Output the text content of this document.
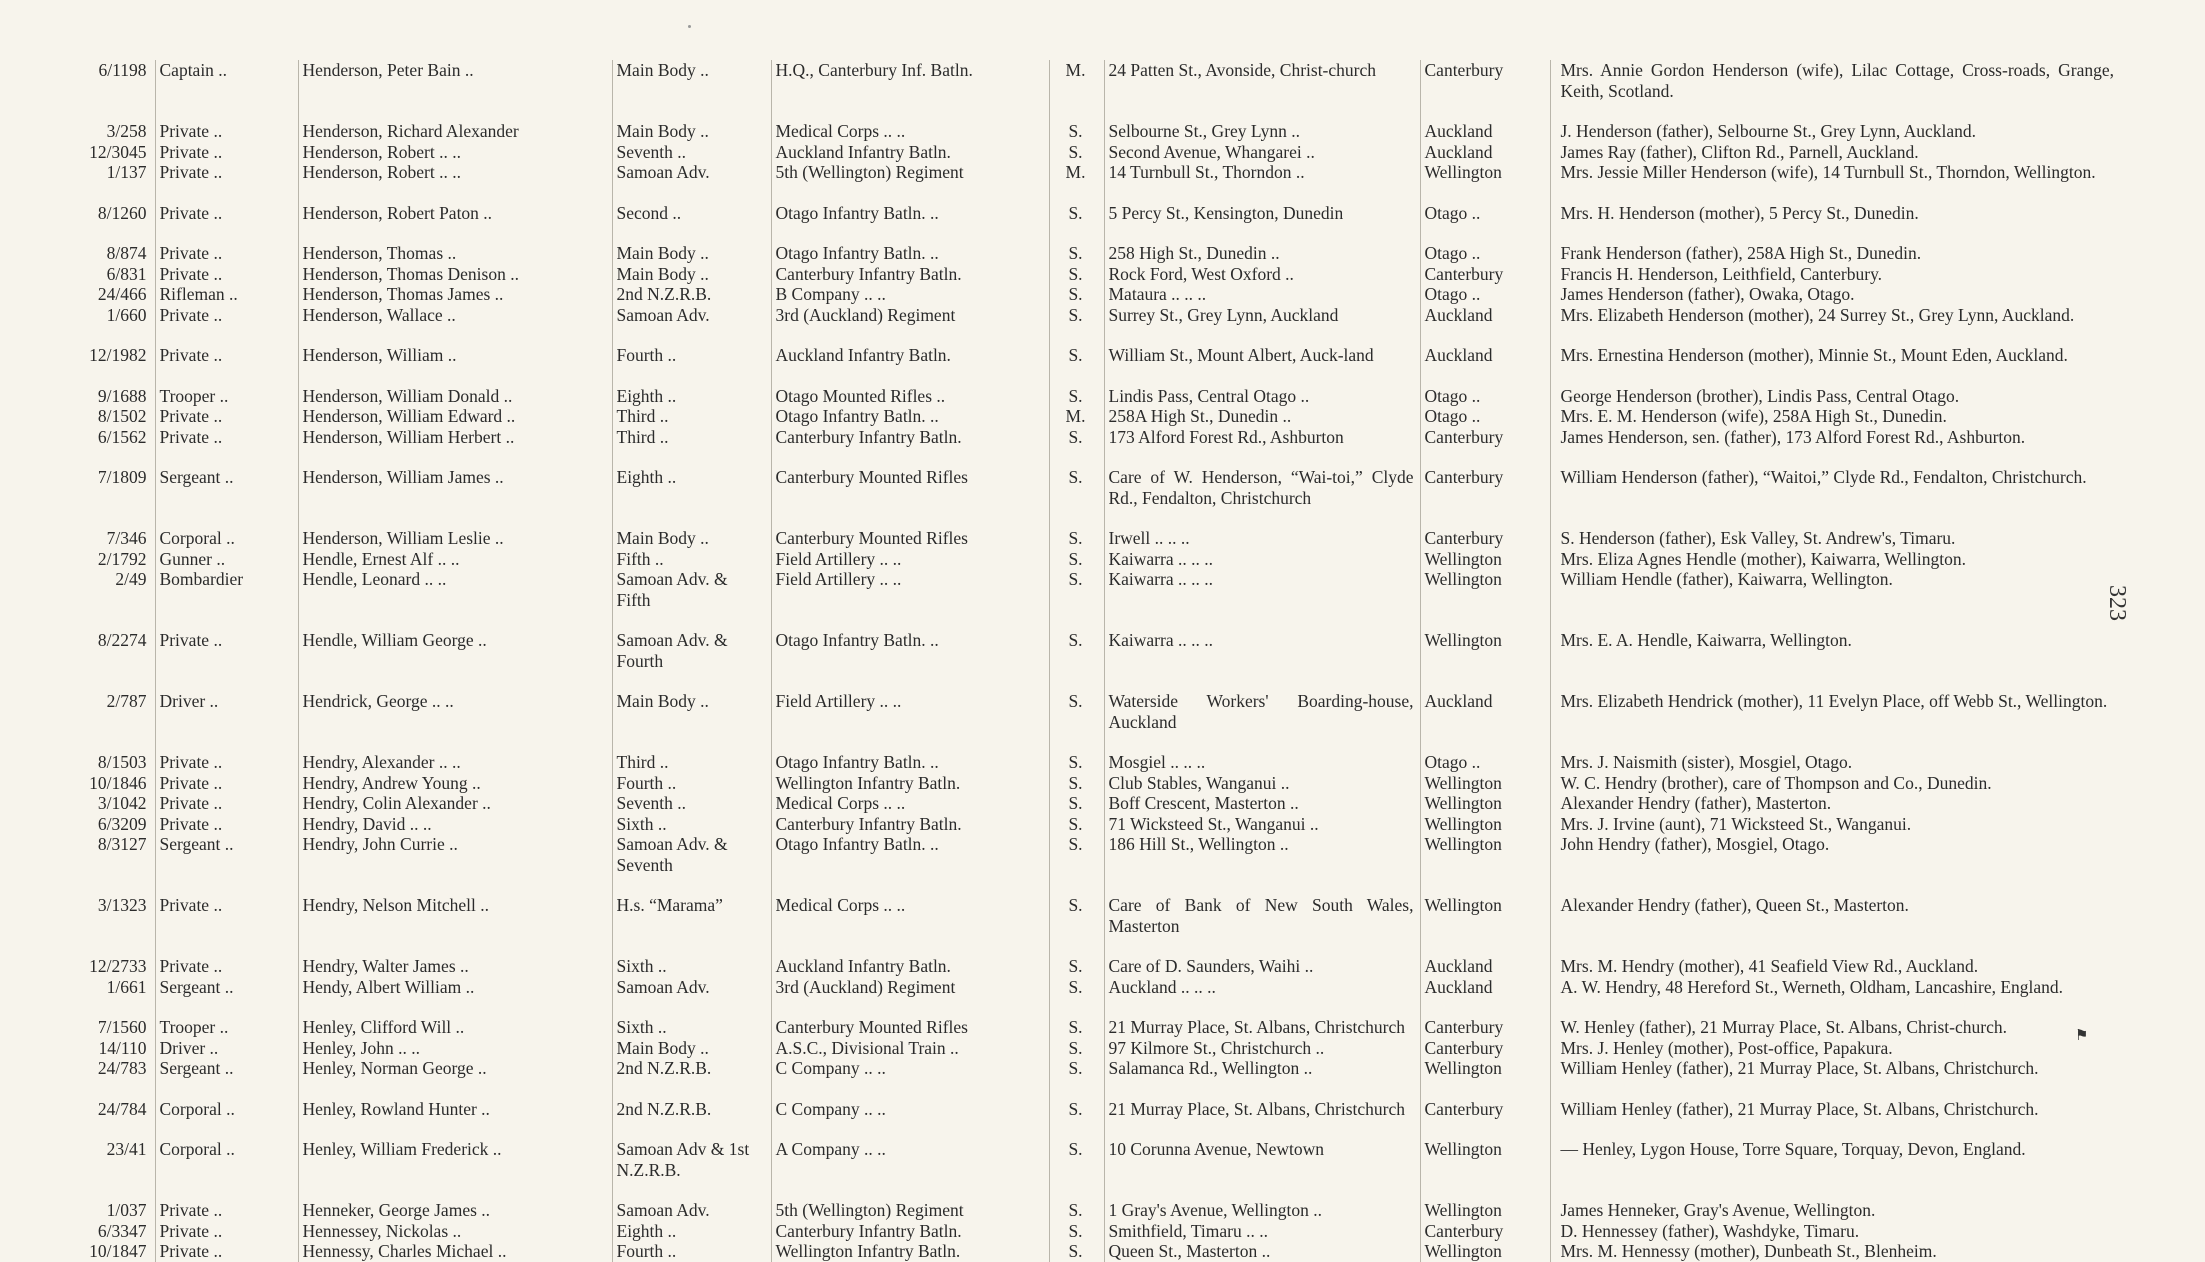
6/1198	Captain ..	Henderson, Peter Bain ..	Main Body ..	H.Q., Canterbury Inf. Batln.	M.	24 Patten St., Avonside, Christ-church	Canterbury	Mrs. Annie Gordon Henderson (wife), Lilac Cottage, Cross-roads, Grange, Keith, Scotland.
3/258	Private ..	Henderson, Richard Alexander	Main Body ..	Medical Corps .. ..	S.	Selbourne St., Grey Lynn ..	Auckland	J. Henderson (father), Selbourne St., Grey Lynn, Auckland.
12/3045	Private ..	Henderson, Robert .. ..	Seventh ..	Auckland Infantry Batln.	S.	Second Avenue, Whangarei ..	Auckland	James Ray (father), Clifton Rd., Parnell, Auckland.
1/137	Private ..	Henderson, Robert .. ..	Samoan Adv.	5th (Wellington) Regiment	M.	14 Turnbull St., Thorndon ..	Wellington	Mrs. Jessie Miller Henderson (wife), 14 Turnbull St., Thorndon, Wellington.
8/1260	Private ..	Henderson, Robert Paton ..	Second ..	Otago Infantry Batln. ..	S.	5 Percy St., Kensington, Dunedin	Otago ..	Mrs. H. Henderson (mother), 5 Percy St., Dunedin.
8/874	Private ..	Henderson, Thomas ..	Main Body ..	Otago Infantry Batln. ..	S.	258 High St., Dunedin ..	Otago ..	Frank Henderson (father), 258A High St., Dunedin.
6/831	Private ..	Henderson, Thomas Denison ..	Main Body ..	Canterbury Infantry Batln.	S.	Rock Ford, West Oxford ..	Canterbury	Francis H. Henderson, Leithfield, Canterbury.
24/466	Rifleman ..	Henderson, Thomas James ..	2nd N.Z.R.B.	B Company .. ..	S.	Mataura .. .. ..	Otago ..	James Henderson (father), Owaka, Otago.
1/660	Private ..	Henderson, Wallace ..	Samoan Adv.	3rd (Auckland) Regiment	S.	Surrey St., Grey Lynn, Auckland	Auckland	Mrs. Elizabeth Henderson (mother), 24 Surrey St., Grey Lynn, Auckland.
12/1982	Private ..	Henderson, William ..	Fourth ..	Auckland Infantry Batln.	S.	William St., Mount Albert, Auck-land	Auckland	Mrs. Ernestina Henderson (mother), Minnie St., Mount Eden, Auckland.
9/1688	Trooper ..	Henderson, William Donald ..	Eighth ..	Otago Mounted Rifles ..	S.	Lindis Pass, Central Otago ..	Otago ..	George Henderson (brother), Lindis Pass, Central Otago.
8/1502	Private ..	Henderson, William Edward ..	Third ..	Otago Infantry Batln. ..	M.	258A High St., Dunedin ..	Otago ..	Mrs. E. M. Henderson (wife), 258A High St., Dunedin.
6/1562	Private ..	Henderson, William Herbert ..	Third ..	Canterbury Infantry Batln.	S.	173 Alford Forest Rd., Ashburton	Canterbury	James Henderson, sen. (father), 173 Alford Forest Rd., Ashburton.
7/1809	Sergeant ..	Henderson, William James ..	Eighth ..	Canterbury Mounted Rifles	S.	Care of W. Henderson, “Wai-toi,” Clyde Rd., Fendalton, Christchurch	Canterbury	William Henderson (father), “Waitoi,” Clyde Rd., Fendalton, Christchurch.
7/346	Corporal ..	Henderson, William Leslie ..	Main Body ..	Canterbury Mounted Rifles	S.	Irwell .. .. ..	Canterbury	S. Henderson (father), Esk Valley, St. Andrew's, Timaru.
2/1792	Gunner ..	Hendle, Ernest Alf .. ..	Fifth ..	Field Artillery .. ..	S.	Kaiwarra .. .. ..	Wellington	Mrs. Eliza Agnes Hendle (mother), Kaiwarra, Wellington.
2/49	Bombardier	Hendle, Leonard .. ..	Samoan Adv. & Fifth	Field Artillery .. ..	S.	Kaiwarra .. .. ..	Wellington	William Hendle (father), Kaiwarra, Wellington.
8/2274	Private ..	Hendle, William George ..	Samoan Adv. & Fourth	Otago Infantry Batln. ..	S.	Kaiwarra .. .. ..	Wellington	Mrs. E. A. Hendle, Kaiwarra, Wellington.
2/787	Driver ..	Hendrick, George .. ..	Main Body ..	Field Artillery .. ..	S.	Waterside Workers' Boarding-house, Auckland	Auckland	Mrs. Elizabeth Hendrick (mother), 11 Evelyn Place, off Webb St., Wellington.
8/1503	Private ..	Hendry, Alexander .. ..	Third ..	Otago Infantry Batln. ..	S.	Mosgiel .. .. ..	Otago ..	Mrs. J. Naismith (sister), Mosgiel, Otago.
10/1846	Private ..	Hendry, Andrew Young ..	Fourth ..	Wellington Infantry Batln.	S.	Club Stables, Wanganui ..	Wellington	W. C. Hendry (brother), care of Thompson and Co., Dunedin.
3/1042	Private ..	Hendry, Colin Alexander ..	Seventh ..	Medical Corps .. ..	S.	Boff Crescent, Masterton ..	Wellington	Alexander Hendry (father), Masterton.
6/3209	Private ..	Hendry, David .. ..	Sixth ..	Canterbury Infantry Batln.	S.	71 Wicksteed St., Wanganui ..	Wellington	Mrs. J. Irvine (aunt), 71 Wicksteed St., Wanganui.
8/3127	Sergeant ..	Hendry, John Currie ..	Samoan Adv. & Seventh	Otago Infantry Batln. ..	S.	186 Hill St., Wellington ..	Wellington	John Hendry (father), Mosgiel, Otago.
3/1323	Private ..	Hendry, Nelson Mitchell ..	H.s. “Marama”	Medical Corps .. ..	S.	Care of Bank of New South Wales, Masterton	Wellington	Alexander Hendry (father), Queen St., Masterton.
12/2733	Private ..	Hendry, Walter James ..	Sixth ..	Auckland Infantry Batln.	S.	Care of D. Saunders, Waihi ..	Auckland	Mrs. M. Hendry (mother), 41 Seafield View Rd., Auckland.
1/661	Sergeant ..	Hendy, Albert William ..	Samoan Adv.	3rd (Auckland) Regiment	S.	Auckland .. .. ..	Auckland	A. W. Hendry, 48 Hereford St., Werneth, Oldham, Lancashire, England.
7/1560	Trooper ..	Henley, Clifford Will ..	Sixth ..	Canterbury Mounted Rifles	S.	21 Murray Place, St. Albans, Christchurch	Canterbury	W. Henley (father), 21 Murray Place, St. Albans, Christ-church.
14/110	Driver ..	Henley, John .. ..	Main Body ..	A.S.C., Divisional Train ..	S.	97 Kilmore St., Christchurch ..	Canterbury	Mrs. J. Henley (mother), Post-office, Papakura.
24/783	Sergeant ..	Henley, Norman George ..	2nd N.Z.R.B.	C Company .. ..	S.	Salamanca Rd., Wellington ..	Wellington	William Henley (father), 21 Murray Place, St. Albans, Christchurch.
24/784	Corporal ..	Henley, Rowland Hunter ..	2nd N.Z.R.B.	C Company .. ..	S.	21 Murray Place, St. Albans, Christchurch	Canterbury	William Henley (father), 21 Murray Place, St. Albans, Christchurch.
23/41	Corporal ..	Henley, William Frederick ..	Samoan Adv & 1st N.Z.R.B.	A Company .. ..	S.	10 Corunna Avenue, Newtown	Wellington	— Henley, Lygon House, Torre Square, Torquay, Devon, England.
1/037	Private ..	Henneker, George James ..	Samoan Adv.	5th (Wellington) Regiment	S.	1 Gray's Avenue, Wellington ..	Wellington	James Henneker, Gray's Avenue, Wellington.
6/3347	Private ..	Hennessey, Nickolas ..	Eighth ..	Canterbury Infantry Batln.	S.	Smithfield, Timaru .. ..	Canterbury	D. Hennessey (father), Washdyke, Timaru.
10/1847	Private ..	Hennessy, Charles Michael ..	Fourth ..	Wellington Infantry Batln.	S.	Queen St., Masterton ..	Wellington	Mrs. M. Hennessy (mother), Dunbeath St., Blenheim.
323
⚑
